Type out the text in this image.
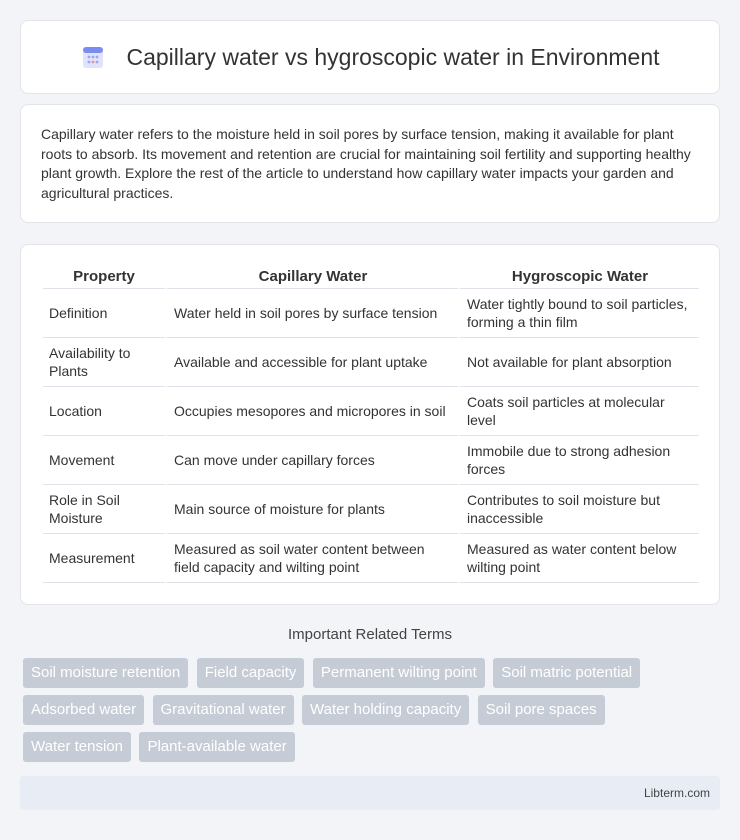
Capillary water vs hygroscopic water in Environment

Capillary water refers to the moisture held in soil pores by surface tension, making it available for plant roots to absorb. Its movement and retention are crucial for maintaining soil fertility and supporting healthy plant growth. Explore the rest of the article to understand how capillary water impacts your garden and agricultural practices.

Property	Capillary Water	Hygroscopic Water
Definition	Water held in soil pores by surface tension	Water tightly bound to soil particles, forming a thin film
Availability to Plants	Available and accessible for plant uptake	Not available for plant absorption
Location	Occupies mesopores and micropores in soil	Coats soil particles at molecular level
Movement	Can move under capillary forces	Immobile due to strong adhesion forces
Role in Soil Moisture	Main source of moisture for plants	Contributes to soil moisture but inaccessible
Measurement	Measured as soil water content between field capacity and wilting point	Measured as water content below wilting point
Important Related Terms
Soil moisture retention Field capacity Permanent wilting point Soil matric potential Adsorbed water Gravitational water Water holding capacity Soil pore spaces Water tension Plant-available water
Libterm.com
